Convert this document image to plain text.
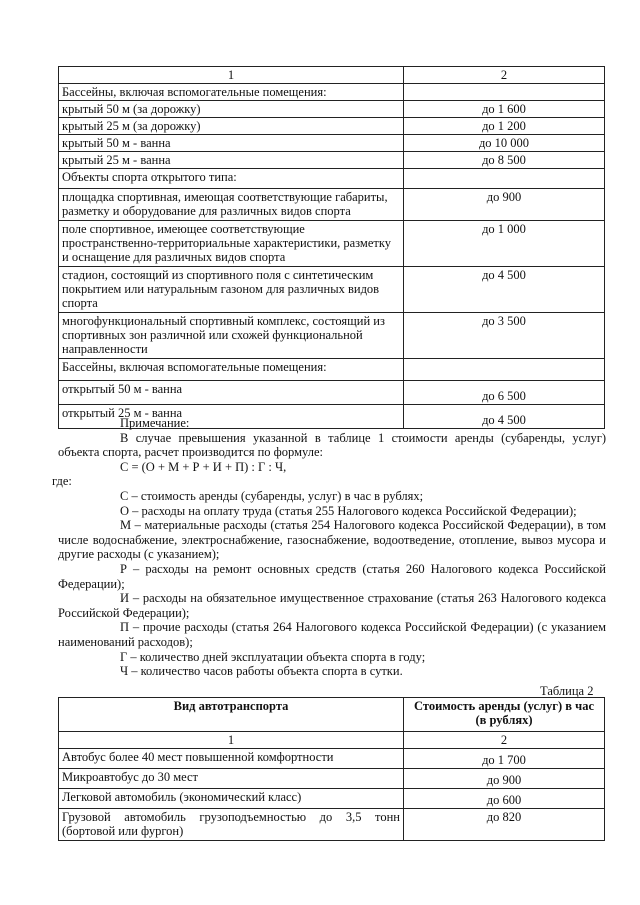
1	2
Бассейны, включая вспомогательные помещения:	
крытый 50 м (за дорожку)	до 1 600
крытый 25 м (за дорожку)	до 1 200
крытый 50 м - ванна	до 10 000
крытый 25 м - ванна	до 8 500
Объекты спорта открытого типа:	
площадка спортивная, имеющая соответствующие габариты, разметку и оборудование для различных видов спорта	до 900
поле спортивное, имеющее соответствующие пространственно-территориальные характеристики, разметку и оснащение для различных видов спорта	до 1 000
стадион, состоящий из спортивного поля с синтетическим покрытием или натуральным газоном для различных видов спорта	до 4 500
многофункциональный спортивный комплекс, состоящий из спортивных зон различной или схожей функциональной направленности	до 3 500
Бассейны, включая вспомогательные помещения:	
открытый 50 м - ванна	до 6 500
открытый 25 м - ванна	до 4 500

Примечание:

В случае превышения указанной в таблице 1 стоимости аренды (субаренды, услуг) объекта спорта, расчет производится по формуле:

С = (О + М + Р + И + П) : Г : Ч,

где:

С – стоимость аренды (субаренды, услуг) в час в рублях;

О – расходы на оплату труда (статья 255 Налогового кодекса Российской Федерации);

М – материальные расходы (статья 254 Налогового кодекса Российской Федерации), в том числе водоснабжение, электроснабжение, газоснабжение, водоотведение, отопление, вывоз мусора и другие расходы (с указанием);

Р – расходы на ремонт основных средств (статья 260 Налогового кодекса Российской Федерации);

И – расходы на обязательное имущественное страхование (статья 263 Налогового кодекса Российской Федерации);

П – прочие расходы (статья 264 Налогового кодекса Российской Федерации) (с указанием наименований расходов);

Г – количество дней эксплуатации объекта спорта в году;

Ч – количество часов работы объекта спорта в сутки.

Таблица 2
Вид автотранспорта	Стоимость аренды (услуг) в час (в рублях)
1	2
Автобус более 40 мест повышенной комфортности	до 1 700
Микроавтобус до 30 мест	до 900
Легковой автомобиль (экономический класс)	до 600
Грузовой автомобиль грузоподъемностью до 3,5 тонн (бортовой или фургон)	до 820
